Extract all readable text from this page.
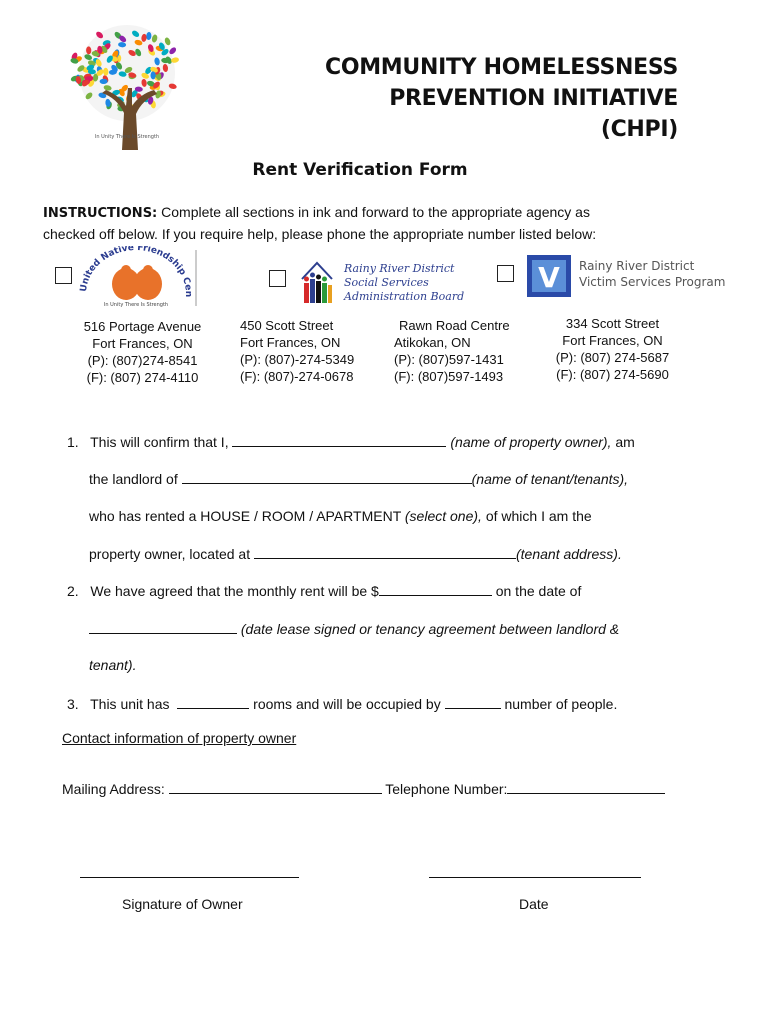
In Unity There Is Strength
COMMUNITY HOMELESSNESS
PREVENTION INITIATIVE
(CHPI)
Rent Verification Form
INSTRUCTIONS: Complete all sections in ink and forward to the appropriate agency as
checked off below. If you require help, please phone the appropriate number listed below:
United Native Friendship Cen
In Unity There Is Strength
Rainy River District
Social Services
Administration Board
V Rainy River District
Victim Services Program
516 Portage Avenue
Fort Frances, ON
(P): (807)274-8541
(F): (807) 274-4110
450 Scott Street
Fort Frances, ON
(P): (807)-274-5349
(F): (807)-274-0678
Rawn Road Centre
Atikokan, ON
(P): (807)597-1431
(F): (807)597-1493
334 Scott Street
Fort Frances, ON
(P): (807) 274-5687
(F): (807) 274-5690
1. This will confirm that I,	(name of property owner), am
the landlord of	(name of tenant/tenants),
who has rented a HOUSE / ROOM / APARTMENT (select one), of which I am the
property owner, located at	(tenant address).
2. We have agreed that the monthly rent will be $	on the date of
(date lease signed or tenancy agreement between landlord &
tenant).
3. This unit has	rooms and will be occupied by	number of people.
Contact information of property owner
Mailing Address:	Telephone Number:
Signature of Owner	Date
